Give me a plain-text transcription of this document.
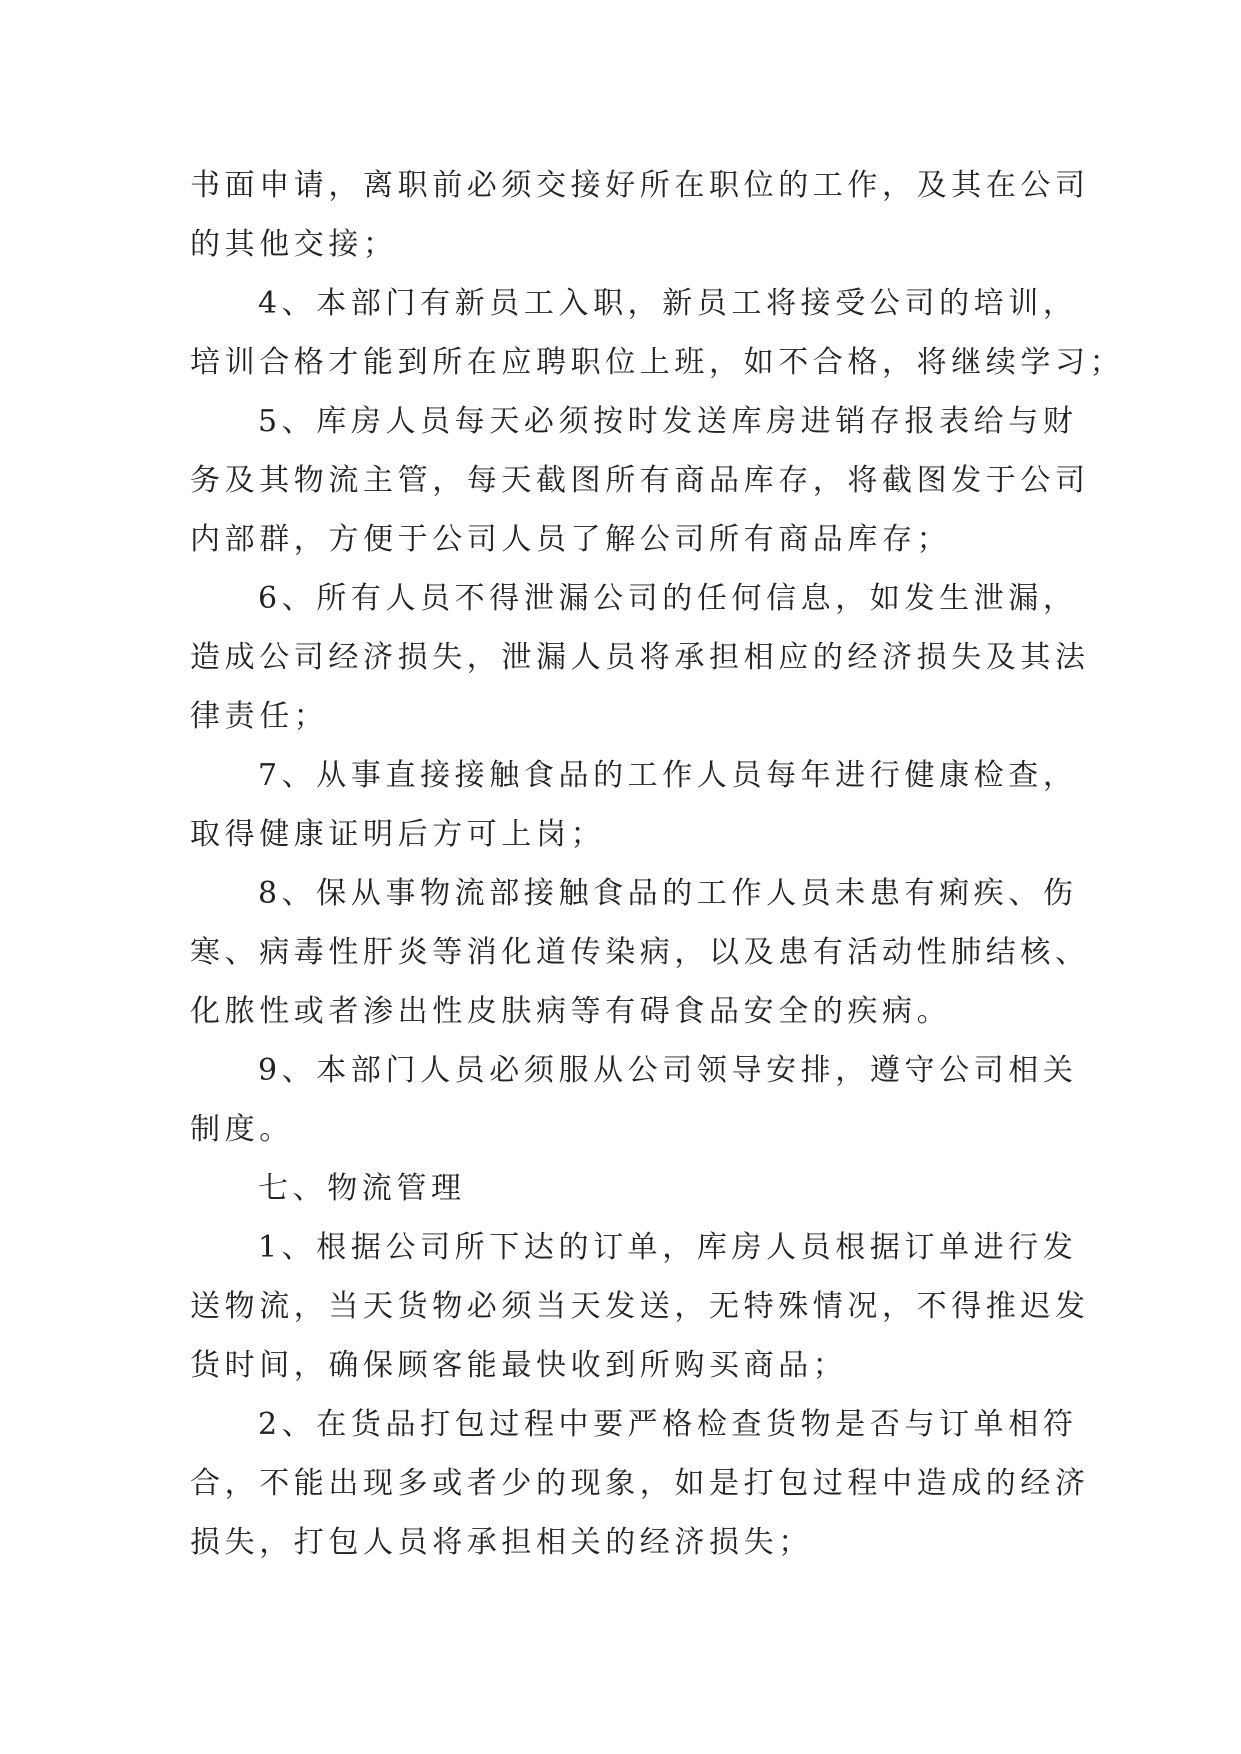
书面申请，离职前必须交接好所在职位的工作，及其在公司
的其他交接；
4、本部门有新员工入职，新员工将接受公司的培训，
培训合格才能到所在应聘职位上班，如不合格，将继续学习；
5、库房人员每天必须按时发送库房进销存报表给与财
务及其物流主管，每天截图所有商品库存，将截图发于公司
内部群，方便于公司人员了解公司所有商品库存；
6、所有人员不得泄漏公司的任何信息，如发生泄漏，
造成公司经济损失，泄漏人员将承担相应的经济损失及其法
律责任；
7、从事直接接触食品的工作人员每年进行健康检查，
取得健康证明后方可上岗；
8、保从事物流部接触食品的工作人员未患有痢疾、伤
寒、病毒性肝炎等消化道传染病，以及患有活动性肺结核、
化脓性或者渗出性皮肤病等有碍食品安全的疾病。
9、本部门人员必须服从公司领导安排，遵守公司相关
制度。
七、物流管理
1、根据公司所下达的订单，库房人员根据订单进行发
送物流，当天货物必须当天发送，无特殊情况，不得推迟发
货时间，确保顾客能最快收到所购买商品；
2、在货品打包过程中要严格检查货物是否与订单相符
合，不能出现多或者少的现象，如是打包过程中造成的经济
损失，打包人员将承担相关的经济损失；
